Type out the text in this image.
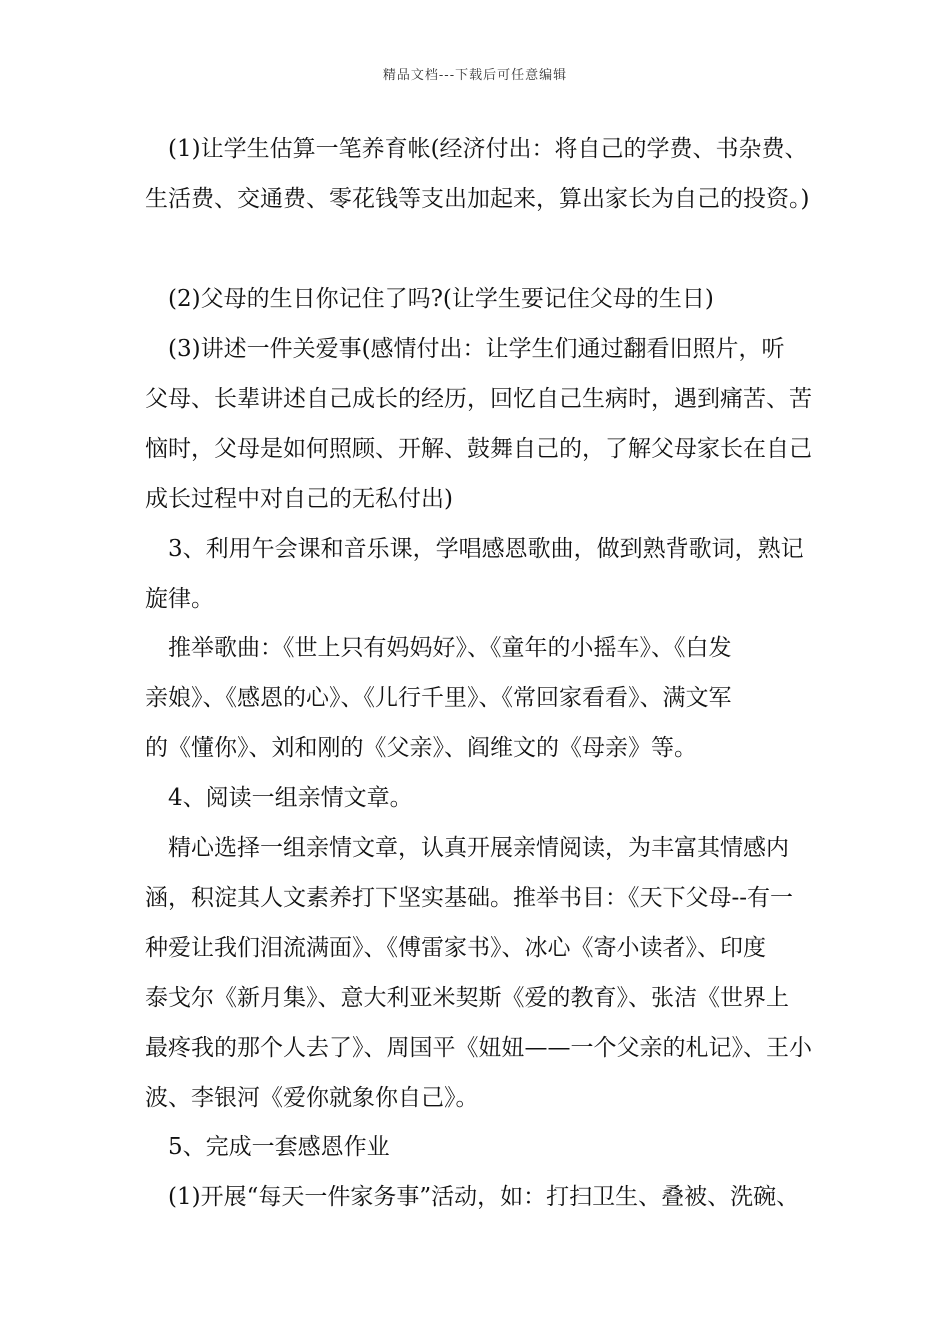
精品文档---下载后可任意编辑
　(1)让学生估算一笔养育帐(经济付出：将自己的学费、书杂费、
生活费、交通费、零花钱等支出加起来，算出家长为自己的投资。)
　(2)父母的生日你记住了吗?(让学生要记住父母的生日)
　(3)讲述一件关爱事(感情付出：让学生们通过翻看旧照片，听
父母、长辈讲述自己成长的经历，回忆自己生病时，遇到痛苦、苦
恼时，父母是如何照顾、开解、鼓舞自己的，了解父母家长在自己
成长过程中对自己的无私付出)
　3、利用午会课和音乐课，学唱感恩歌曲，做到熟背歌词，熟记
旋律。
　推举歌曲：《世上只有妈妈好》、《童年的小摇车》、《白发
亲娘》、《感恩的心》、《儿行千里》、《常回家看看》、满文军
的《懂你》、刘和刚的《父亲》、阎维文的《母亲》等。
　4、阅读一组亲情文章。
　精心选择一组亲情文章，认真开展亲情阅读，为丰富其情感内
涵，积淀其人文素养打下坚实基础。推举书目：《天下父母--有一
种爱让我们泪流满面》、《傅雷家书》、冰心《寄小读者》、印度
泰戈尔《新月集》、意大利亚米契斯《爱的教育》、张洁《世界上
最疼我的那个人去了》、周国平《妞妞——一个父亲的札记》、王小
波、李银河《爱你就象你自己》。
　5、完成一套感恩作业
　(1)开展“每天一件家务事”活动，如：打扫卫生、叠被、洗碗、
